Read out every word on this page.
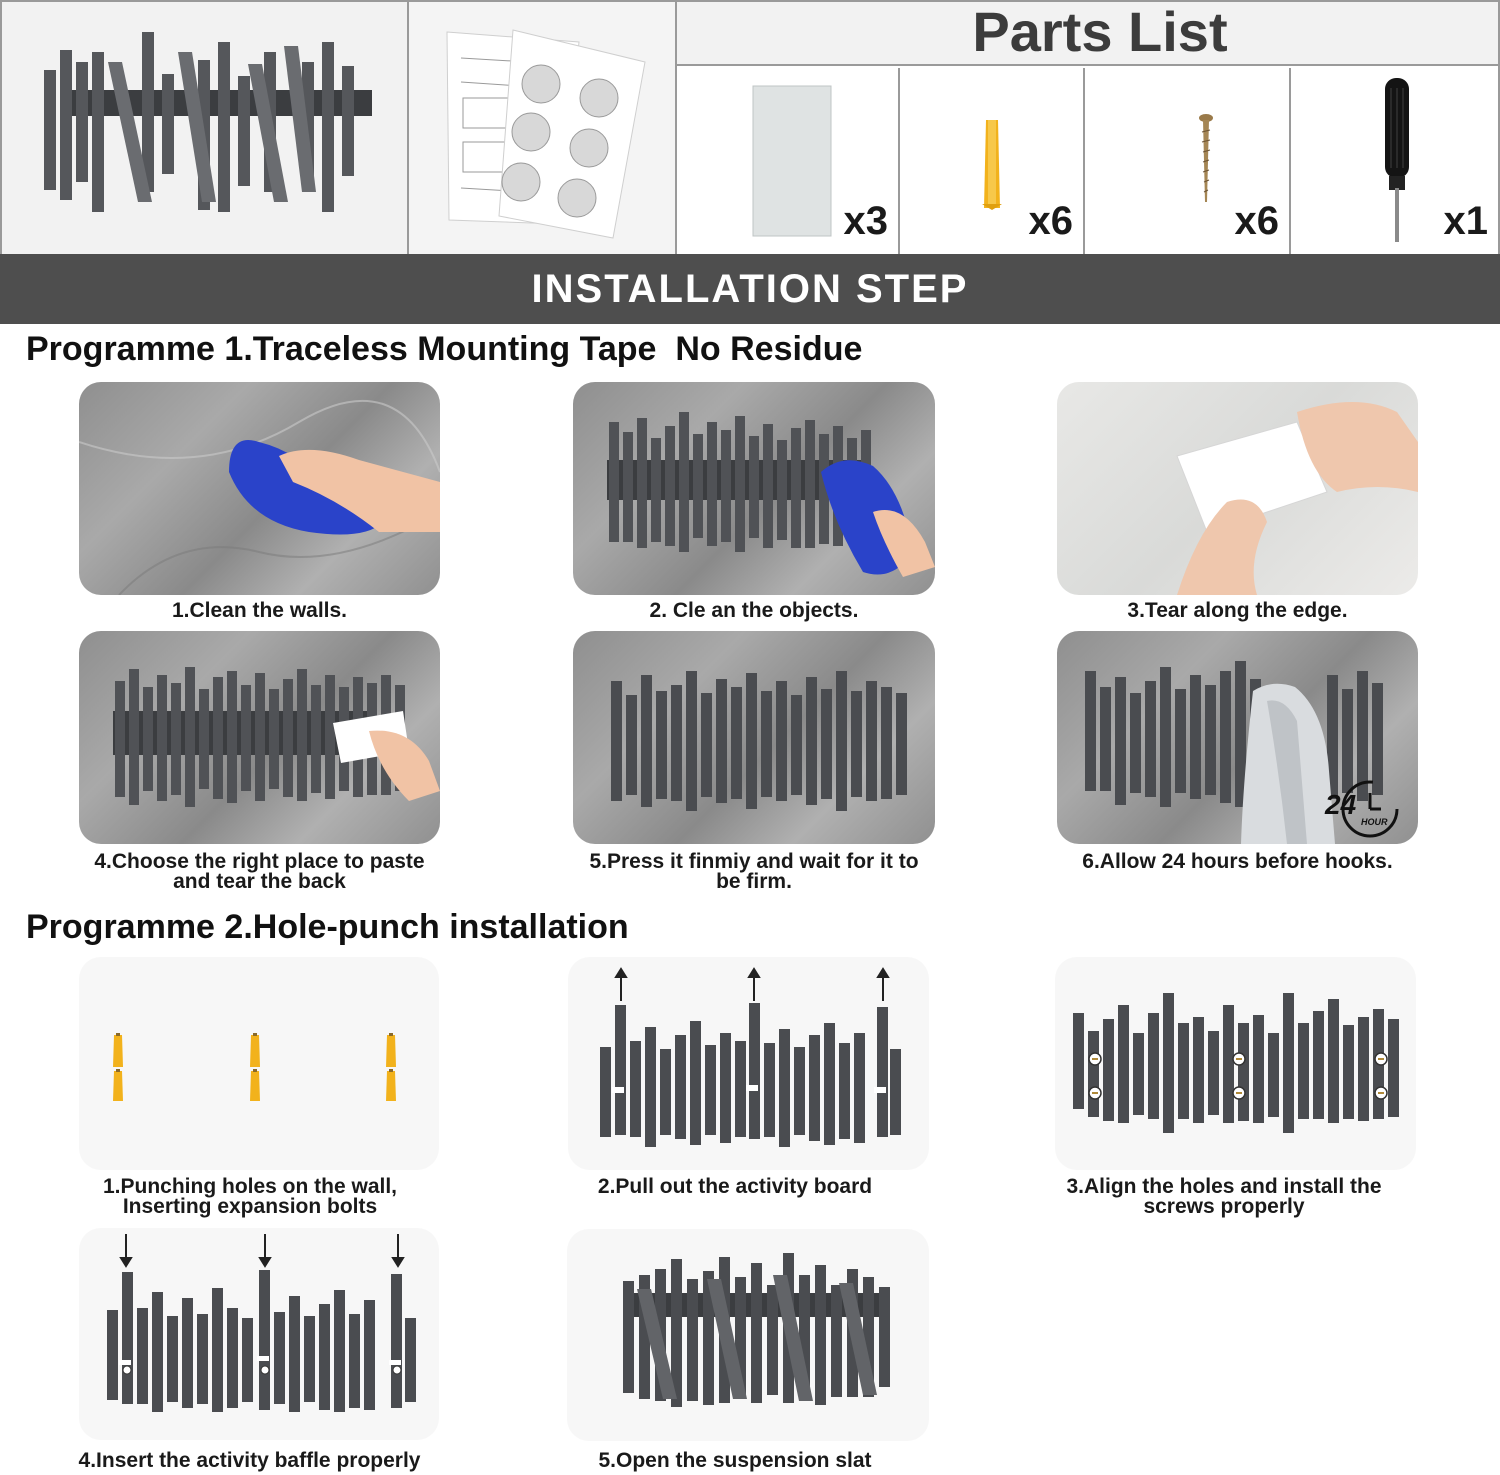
Parts List
x3	x6	x6	x1
INSTALLATION STEP
Programme 1.Traceless Mounting Tape  No Residue
1.Clean the walls.	2. Cle an the objects.	3.Tear along the edge.
4.Choose the right place to paste
and tear the back
5.Press it finmiy and wait for it to
be firm.
24
HOUR
6.Allow 24 hours before hooks.
Programme 2.Hole-punch installation
1.Punching holes on the wall,
Inserting expansion bolts
2.Pull out the activity board	3.Align the holes and install the
screws properly
4.Insert the activity baffle properly	5.Open the suspension slat
